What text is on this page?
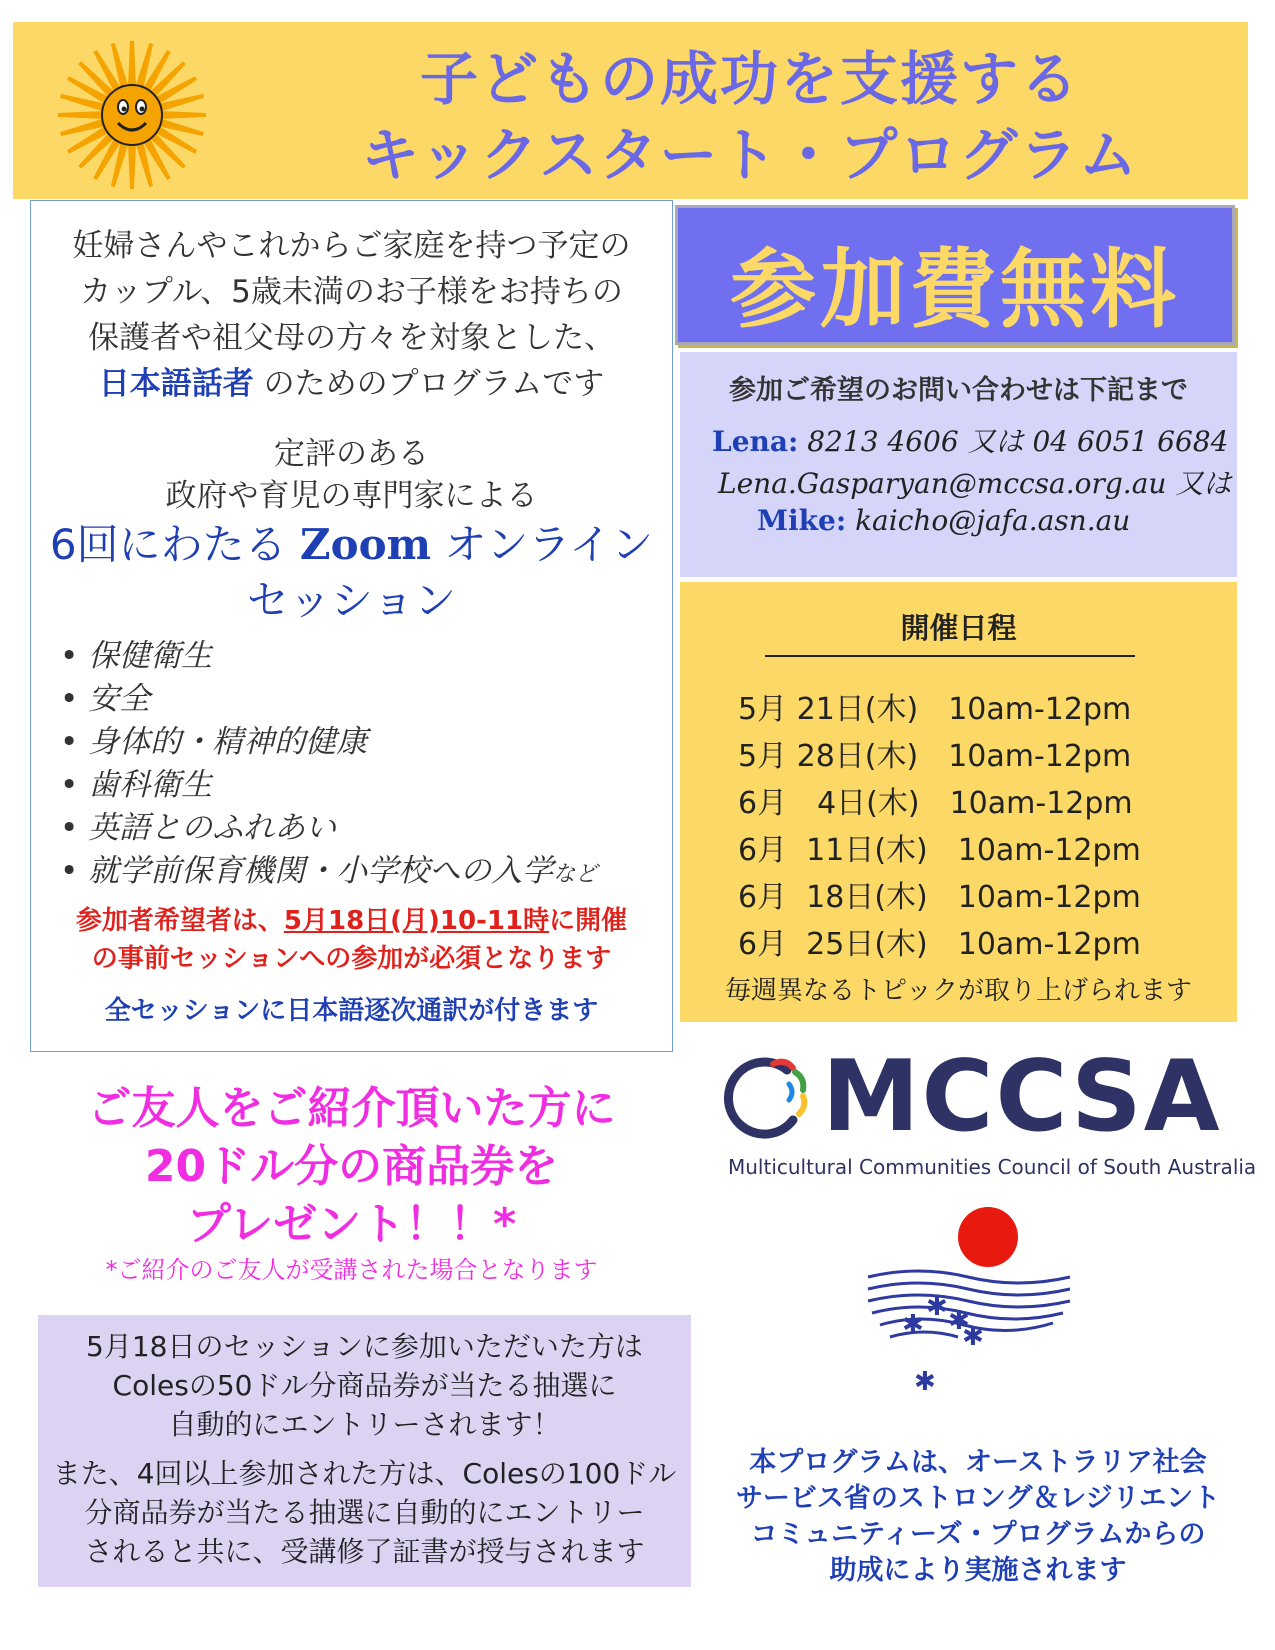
子どもの成功を支援する
キックスタート・プログラム
妊婦さんやこれからご家庭を持つ予定の
カップル、5歳未満のお子様をお持ちの
保護者や祖父母の方々を対象とした、
日本語話者 のためのプログラムです
定評のある
政府や育児の専門家による
6回にわたる Zoom オンライン
セッション
• 保健衛生
• 安全
• 身体的・精神的健康
• 歯科衛生
• 英語とのふれあい
• 就学前保育機関・小学校への入学など
参加者希望者は、5月18日(月)10-11時に開催
の事前セッションへの参加が必須となります
全セッションに日本語逐次通訳が付きます
参加費無料
参加ご希望のお問い合わせは下記まで
Lena: 8213 4606 又は 04 6051 6684
Lena.Gasparyan@mccsa.org.au 又は
Mike: kaicho@jafa.asn.au
開催日程
5月 21日(木)　10am-12pm
5月 28日(木)　10am-12pm
6月　4日(木)　10am-12pm
6月  11日(木)　10am-12pm
6月  18日(木)　10am-12pm
6月  25日(木)　10am-12pm
毎週異なるトピックが取り上げられます
ご友人をご紹介頂いた方に
20ドル分の商品券を
プレゼント！！*
*ご紹介のご友人が受講された場合となります
5月18日のセッションに参加いただいた方は
Colesの50ドル分商品券が当たる抽選に
自動的にエントリーされます！
また、4回以上参加された方は、Colesの100ドル
分商品券が当たる抽選に自動的にエントリー
されると共に、受講修了証書が授与されます
MCCSA
Multicultural Communities Council of South Australia
✱
✱ ✱
✱
✱
本プログラムは、オーストラリア社会
サービス省のストロング＆レジリエント
コミュニティーズ・プログラムからの
助成により実施されます
